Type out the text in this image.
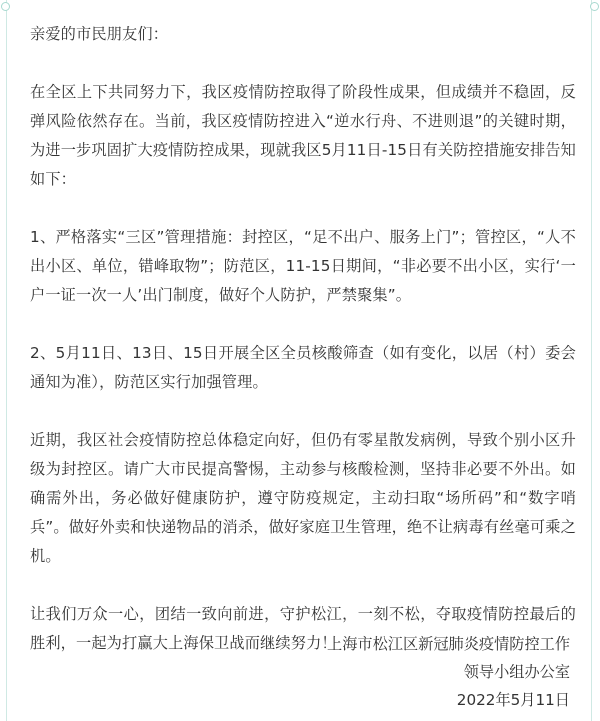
亲爱的市民朋友们：

在全区上下共同努力下，我区疫情防控取得了阶段性成果，但成绩并不稳固，反弹风险依然存在。当前，我区疫情防控进入“逆水行舟、不进则退”的关键时期，为进一步巩固扩大疫情防控成果，现就我区5月11日-15日有关防控措施安排告知如下：

1、严格落实“三区”管理措施：封控区，“足不出户、服务上门”；管控区，“人不出小区、单位，错峰取物”；防范区，11-15日期间，“非必要不出小区，实行‘一户一证一次一人’出门制度，做好个人防护，严禁聚集”。

2、5月11日、13日、15日开展全区全员核酸筛查（如有变化，以居（村）委会通知为准），防范区实行加强管理。

近期，我区社会疫情防控总体稳定向好，但仍有零星散发病例，导致个别小区升级为封控区。请广大市民提高警惕，主动参与核酸检测，坚持非必要不外出。如确需外出，务必做好健康防护，遵守防疫规定，主动扫取“场所码”和“数字哨兵”。做好外卖和快递物品的消杀，做好家庭卫生管理，绝不让病毒有丝毫可乘之机。

让我们万众一心，团结一致向前进，守护松江，一刻不松，夺取疫情防控最后的胜利，一起为打赢大上海保卫战而继续努力！

上海市松江区新冠肺炎疫情防控工作
领导小组办公室
2022年5月11日
